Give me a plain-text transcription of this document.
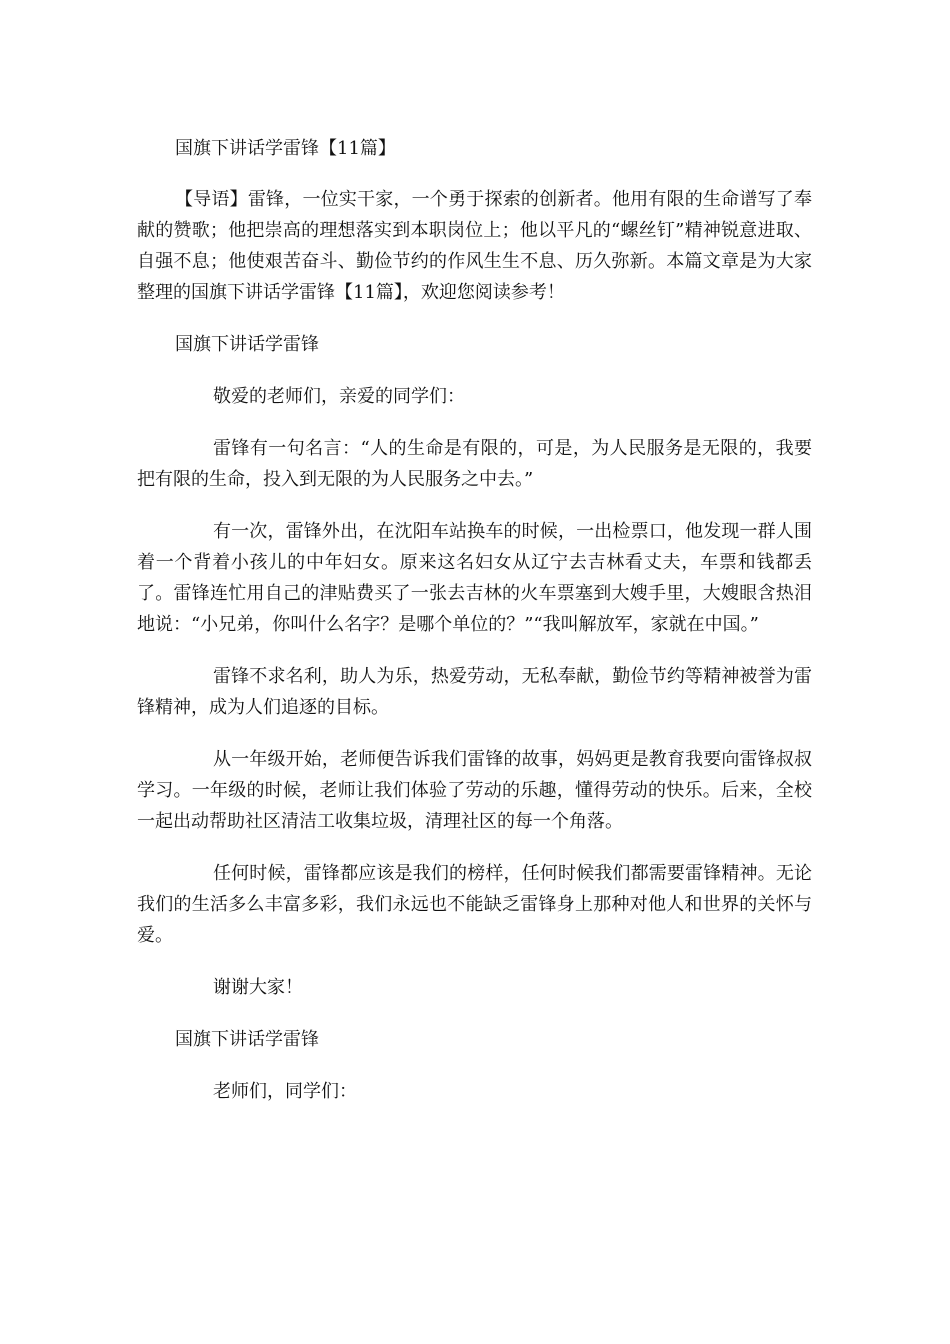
国旗下讲话学雷锋【11篇】

【导语】雷锋，一位实干家，一个勇于探索的创新者。他用有限的生命谱写了奉献的赞歌；他把崇高的理想落实到本职岗位上；他以平凡的“螺丝钉”精神锐意进取、自强不息；他使艰苦奋斗、勤俭节约的作风生生不息、历久弥新。本篇文章是为大家整理的国旗下讲话学雷锋【11篇】，欢迎您阅读参考！

国旗下讲话学雷锋

敬爱的老师们，亲爱的同学们：

雷锋有一句名言：“人的生命是有限的，可是，为人民服务是无限的，我要把有限的生命，投入到无限的为人民服务之中去。”

有一次，雷锋外出，在沈阳车站换车的时候，一出检票口，他发现一群人围着一个背着小孩儿的中年妇女。原来这名妇女从辽宁去吉林看丈夫，车票和钱都丢了。雷锋连忙用自己的津贴费买了一张去吉林的火车票塞到大嫂手里，大嫂眼含热泪地说：“小兄弟，你叫什么名字？是哪个单位的？”“我叫解放军，家就在中国。”

雷锋不求名利，助人为乐，热爱劳动，无私奉献，勤俭节约等精神被誉为雷锋精神，成为人们追逐的目标。

从一年级开始，老师便告诉我们雷锋的故事，妈妈更是教育我要向雷锋叔叔学习。一年级的时候，老师让我们体验了劳动的乐趣，懂得劳动的快乐。后来，全校一起出动帮助社区清洁工收集垃圾，清理社区的每一个角落。

任何时候，雷锋都应该是我们的榜样，任何时候我们都需要雷锋精神。无论我们的生活多么丰富多彩，我们永远也不能缺乏雷锋身上那种对他人和世界的关怀与爱。

谢谢大家！

国旗下讲话学雷锋

老师们，同学们：
